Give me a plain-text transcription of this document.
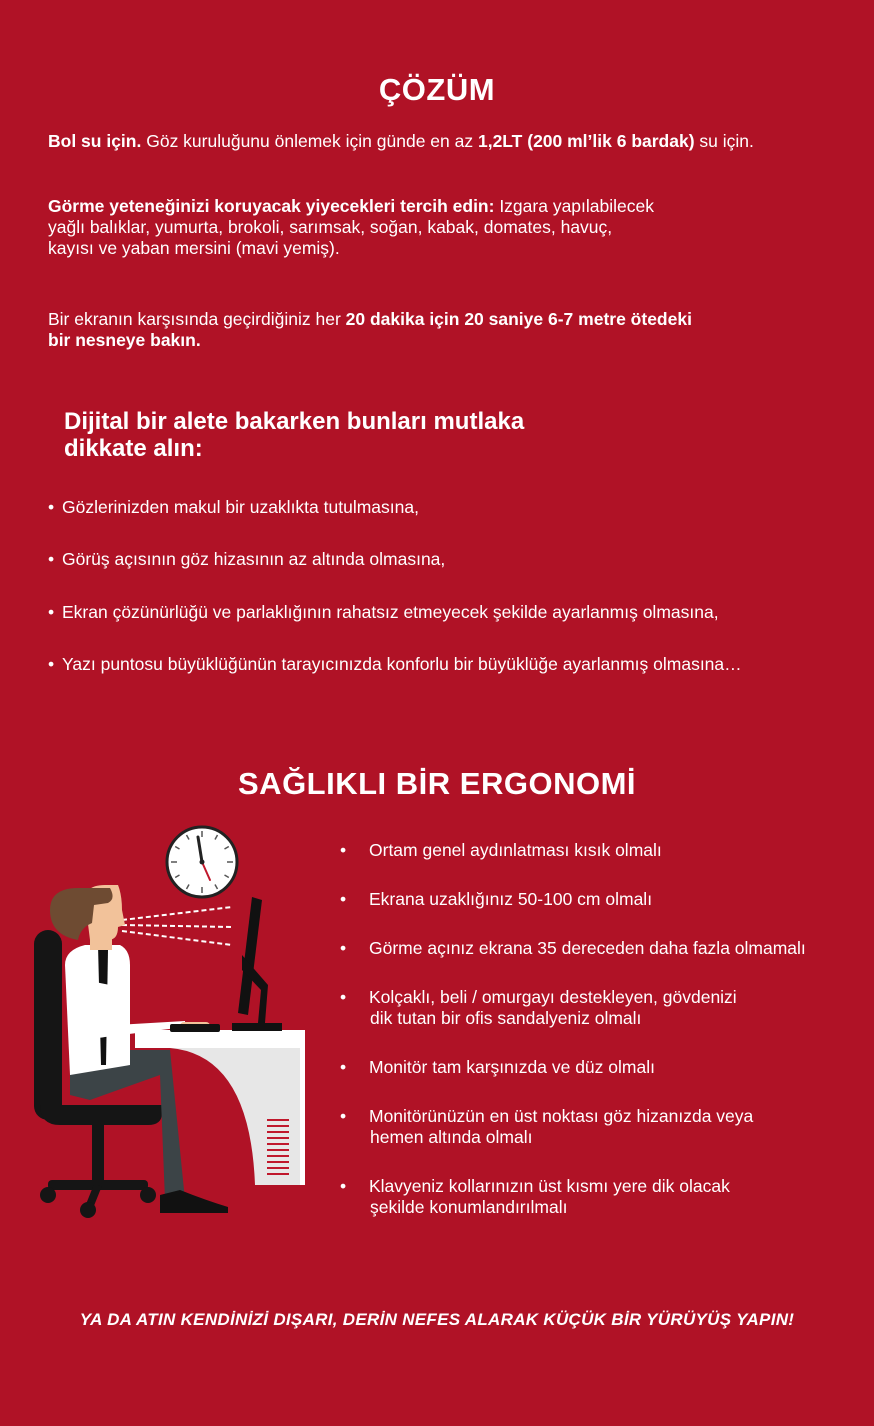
ÇÖZÜM
Bol su için. Göz kuruluğunu önlemek için günde en az 1,2LT (200 ml’lik 6 bardak) su için.
Görme yeteneğinizi koruyacak yiyecekleri tercih edin: Izgara yapılabilecek
yağlı balıklar, yumurta, brokoli, sarımsak, soğan, kabak, domates, havuç,
kayısı ve yaban mersini (mavi yemiş).
Bir ekranın karşısında geçirdiğiniz her 20 dakika için 20 saniye 6-7 metre ötedeki
bir nesneye bakın.
Dijital bir alete bakarken bunları mutlaka
dikkate alın:
• Gözlerinizden makul bir uzaklıkta tutulmasına,
• Görüş açısının göz hizasının az altında olmasına,
• Ekran çözünürlüğü ve parlaklığının rahatsız etmeyecek şekilde ayarlanmış olmasına,
• Yazı puntosu büyüklüğünün tarayıcınızda konforlu bir büyüklüğe ayarlanmış olmasına…
SAĞLIKLI BİR ERGONOMİ
• Ortam genel aydınlatması kısık olmalı
• Ekrana uzaklığınız 50-100 cm olmalı
• Görme açınız ekrana 35 dereceden daha fazla olmamalı
• Kolçaklı, beli / omurgayı destekleyen, gövdenizi
dik tutan bir ofis sandalyeniz olmalı
• Monitör tam karşınızda ve düz olmalı
• Monitörünüzün en üst noktası göz hizanızda veya
hemen altında olmalı
• Klavyeniz kollarınızın üst kısmı yere dik olacak
şekilde konumlandırılmalı
YA DA ATIN KENDİNİZİ DIŞARI, DERİN NEFES ALARAK KÜÇÜK BİR YÜRÜYÜŞ YAPIN!
